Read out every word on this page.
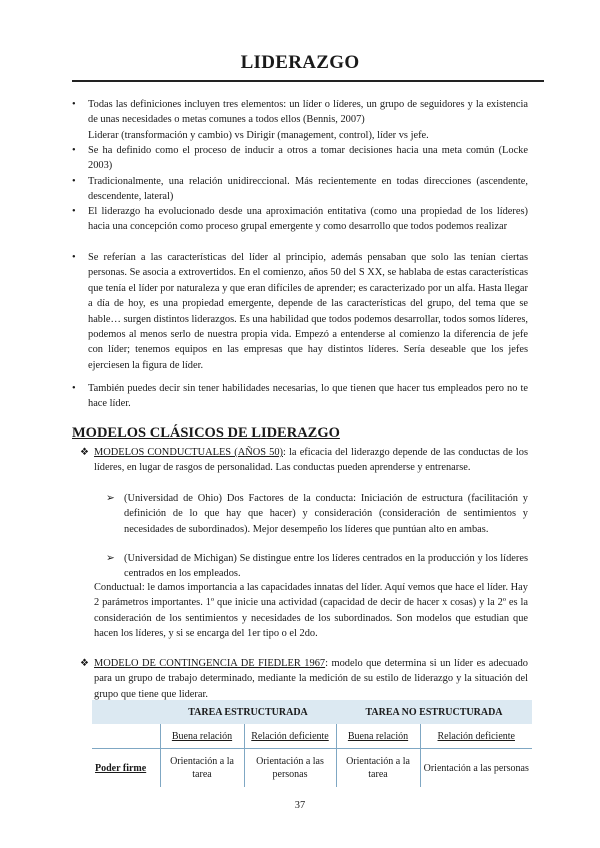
LIDERAZGO
• Todas las definiciones incluyen tres elementos: un líder o líderes, un grupo de seguidores y la existencia de unas necesidades o metas comunes a todos ellos (Bennis, 2007)
Liderar (transformación y cambio) vs Dirigir (management, control), líder vs jefe.
• Se ha definido como el proceso de inducir a otros a tomar decisiones hacia una meta común (Locke 2003)
• Tradicionalmente, una relación unidireccional. Más recientemente en todas direcciones (ascendente, descendente, lateral)
• El liderazgo ha evolucionado desde una aproximación entitativa (como una propiedad de los líderes) hacia una concepción como proceso grupal emergente y como desarrollo que todos podemos realizar
• Se referían a las características del líder al principio, además pensaban que solo las tenían ciertas personas. Se asocia a extrovertidos. En el comienzo, años 50 del S XX, se hablaba de estas características que tenía el líder por naturaleza y que eran difíciles de aprender; es caracterizado por un alfa. Hasta llegar a día de hoy, es una propiedad emergente, depende de las características del grupo, del tema que se hable… surgen distintos liderazgos. Es una habilidad que todos podemos desarrollar, todos somos líderes, podemos al menos serlo de nuestra propia vida. Empezó a entenderse al comienzo la diferencia de jefe con líder; tenemos equipos en las empresas que hay distintos líderes. Sería deseable que los jefes ejerciesen la figura de líder.
• También puedes decir sin tener habilidades necesarias, lo que tienen que hacer tus empleados pero no te hace líder.
MODELOS CLÁSICOS DE LIDERAZGO
❖ MODELOS CONDUCTUALES (AÑOS 50): la eficacia del liderazgo depende de las conductas de los líderes, en lugar de rasgos de personalidad. Las conductas pueden aprenderse y entrenarse.
➢ (Universidad de Ohio) Dos Factores de la conducta: Iniciación de estructura (facilitación y definición de lo que hay que hacer) y consideración (consideración de sentimientos y necesidades de subordinados). Mejor desempeño los líderes que puntúan alto en ambas.
➢ (Universidad de Michigan) Se distingue entre los líderes centrados en la producción y los líderes centrados en los empleados.
Conductual: le damos importancia a las capacidades innatas del líder. Aquí vemos que hace el líder. Hay 2 parámetros importantes. 1º que inicie una actividad (capacidad de decir de hacer x cosas) y la 2º es la consideración de los sentimientos y necesidades de los subordinados. Son modelos que estudian que hacen los líderes, y si se encarga del 1er tipo o el 2do.
❖ MODELO DE CONTINGENCIA DE FIEDLER 1967: modelo que determina si un líder es adecuado para un grupo de trabajo determinado, mediante la medición de su estilo de liderazgo y la situación del grupo que tiene que liderar.
	TAREA ESTRUCTURADA		TAREA NO ESTRUCTURADA	
	Buena relación	Relación deficiente	Buena relación	Relación deficiente
Poder firme	Orientación a la tarea	Orientación a las personas	Orientación a la tarea	Orientación a las personas
37
